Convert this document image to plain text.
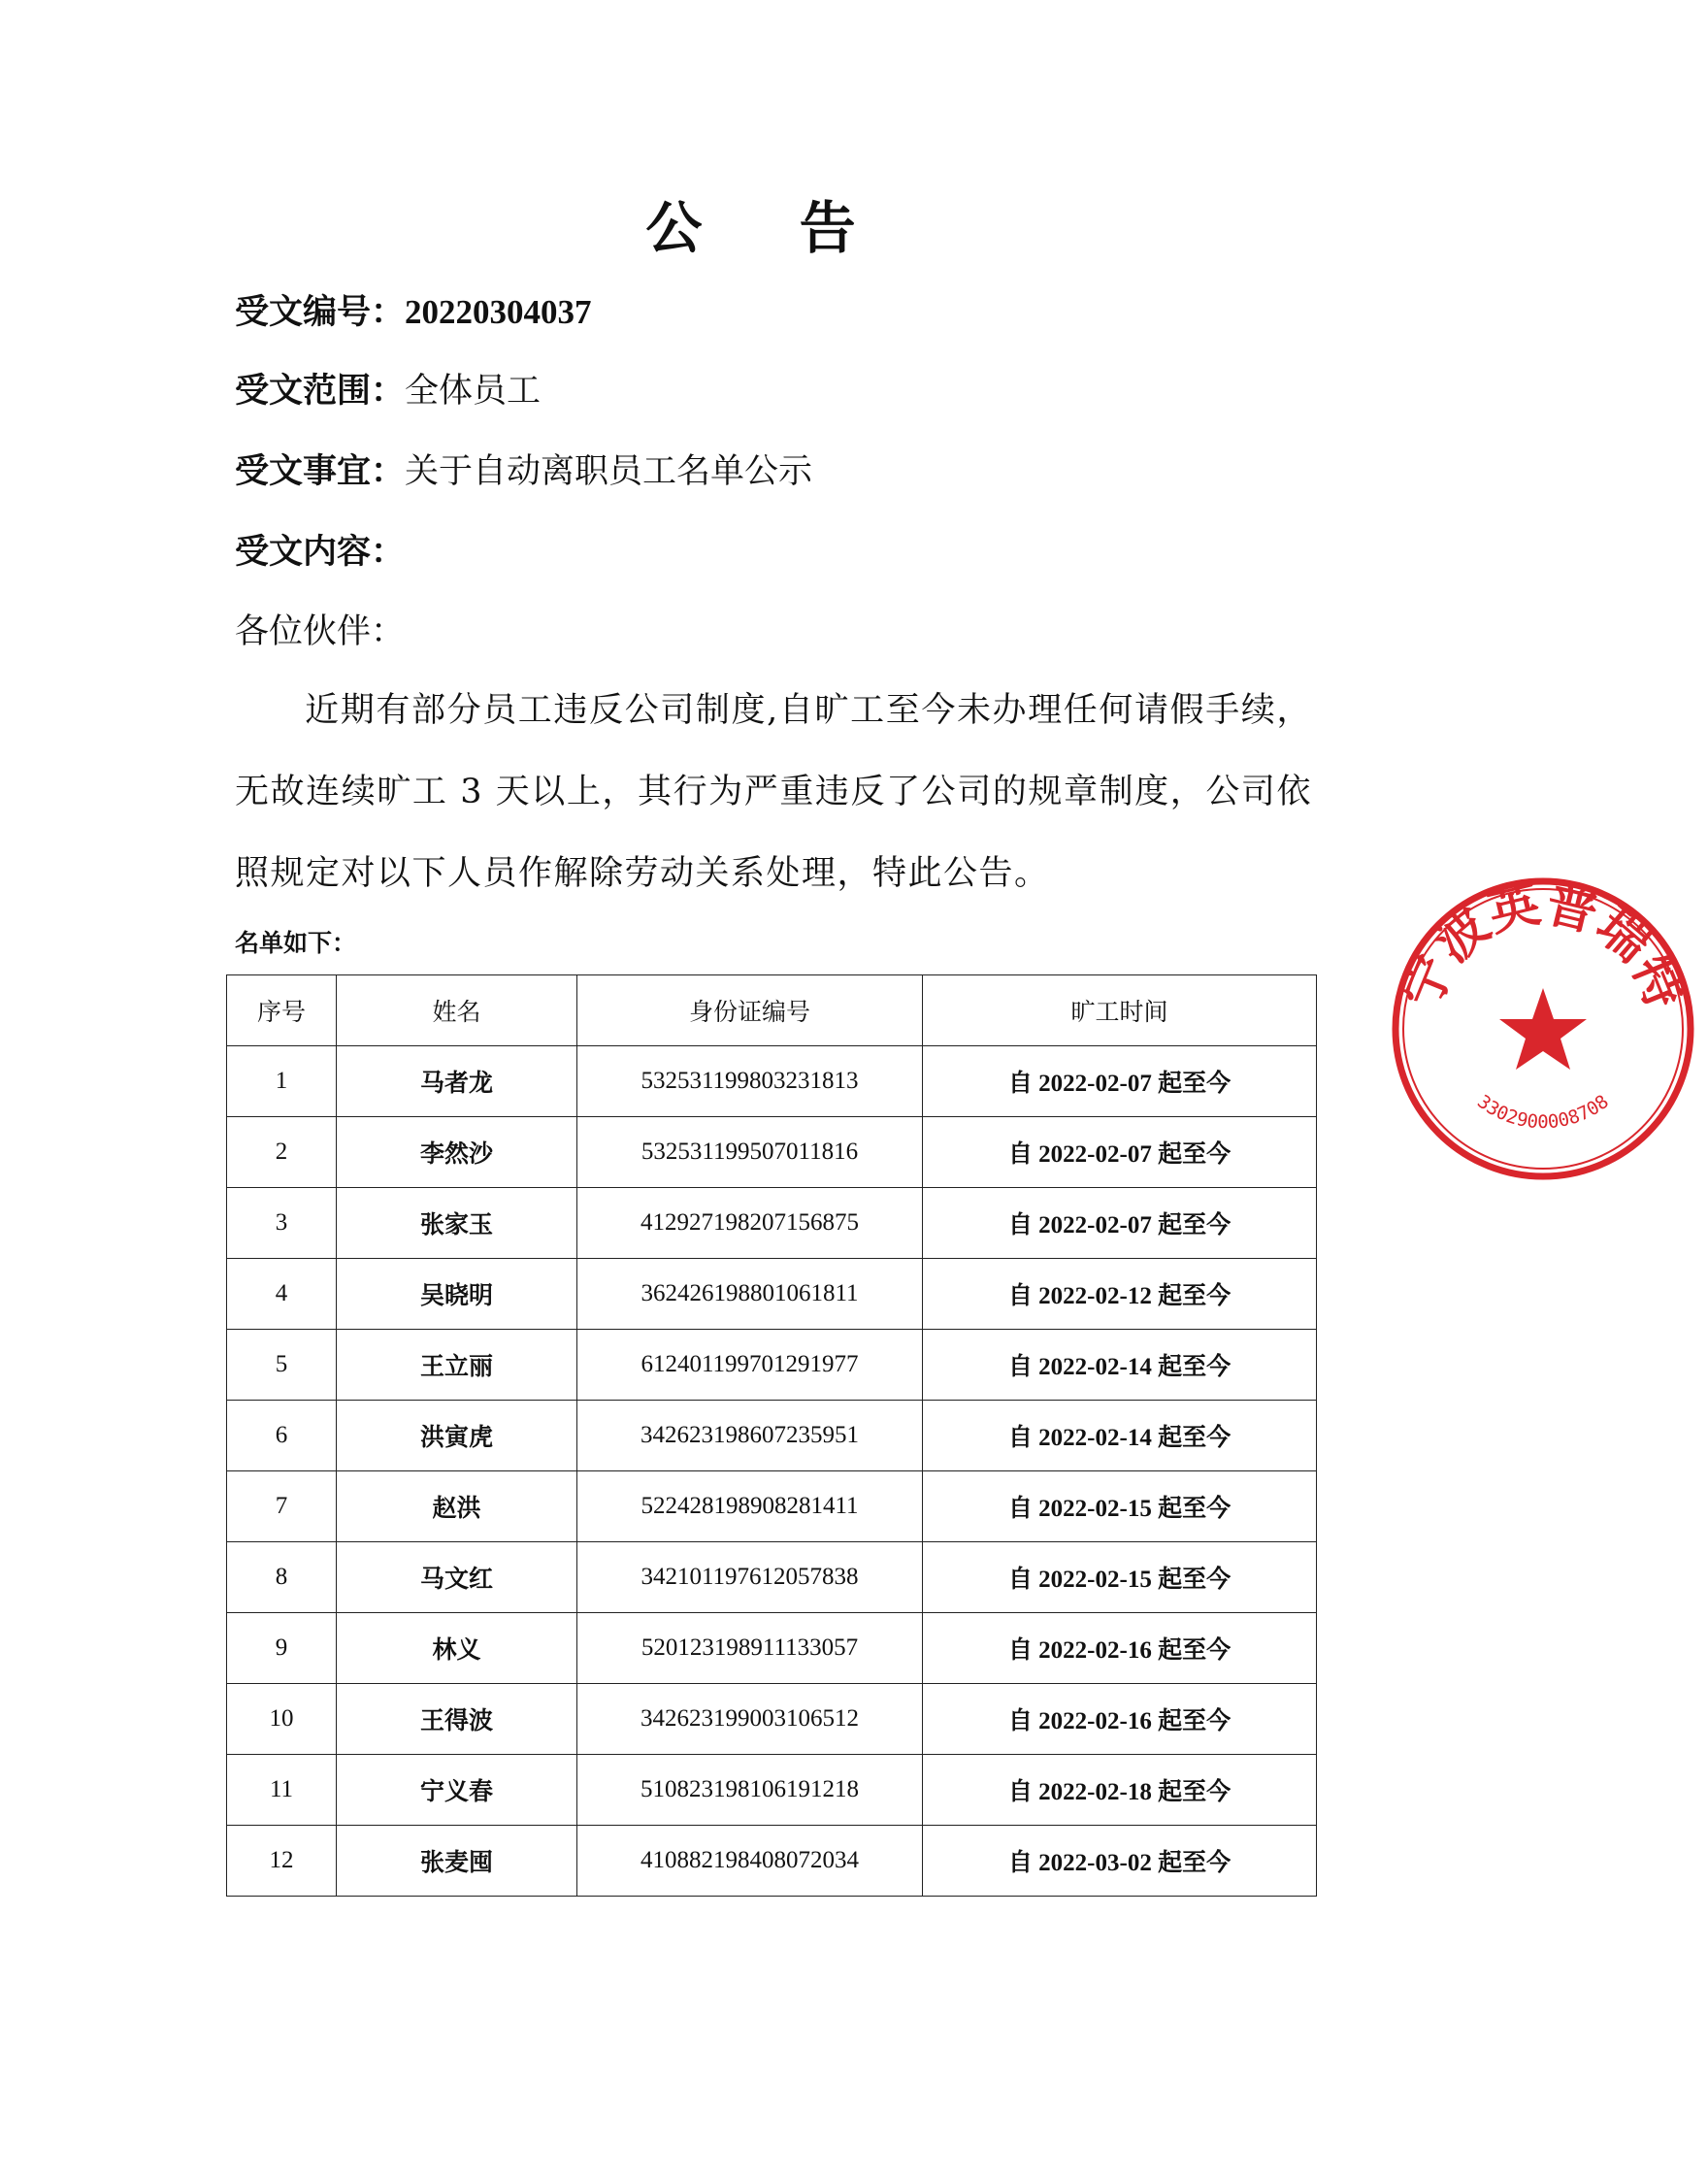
公 告
受文编号：20220304037
受文范围：全体员工
受文事宜：关于自动离职员工名单公示
受文内容：
各位伙伴：
近期有部分员工违反公司制度,自旷工至今未办理任何请假手续，无故连续旷工 3 天以上，其行为严重违反了公司的规章制度，公司依照规定对以下人员作解除劳动关系处理，特此公告。
名单如下：
序号	姓名	身份证编号	旷工时间
1	马者龙	532531199803231813	自 2022-02-07 起至今
2	李然沙	532531199507011816	自 2022-02-07 起至今
3	张家玉	412927198207156875	自 2022-02-07 起至今
4	吴晓明	362426198801061811	自 2022-02-12 起至今
5	王立丽	612401199701291977	自 2022-02-14 起至今
6	洪寅虎	342623198607235951	自 2022-02-14 起至今
7	赵洪	522428198908281411	自 2022-02-15 起至今
8	马文红	342101197612057838	自 2022-02-15 起至今
9	林义	520123198911133057	自 2022-02-16 起至今
10	王得波	342623199003106512	自 2022-02-16 起至今
11	宁义春	510823198106191218	自 2022-02-18 起至今
12	张麦囤	410882198408072034	自 2022-03-02 起至今
宁波英普瑞特
3302900008708
